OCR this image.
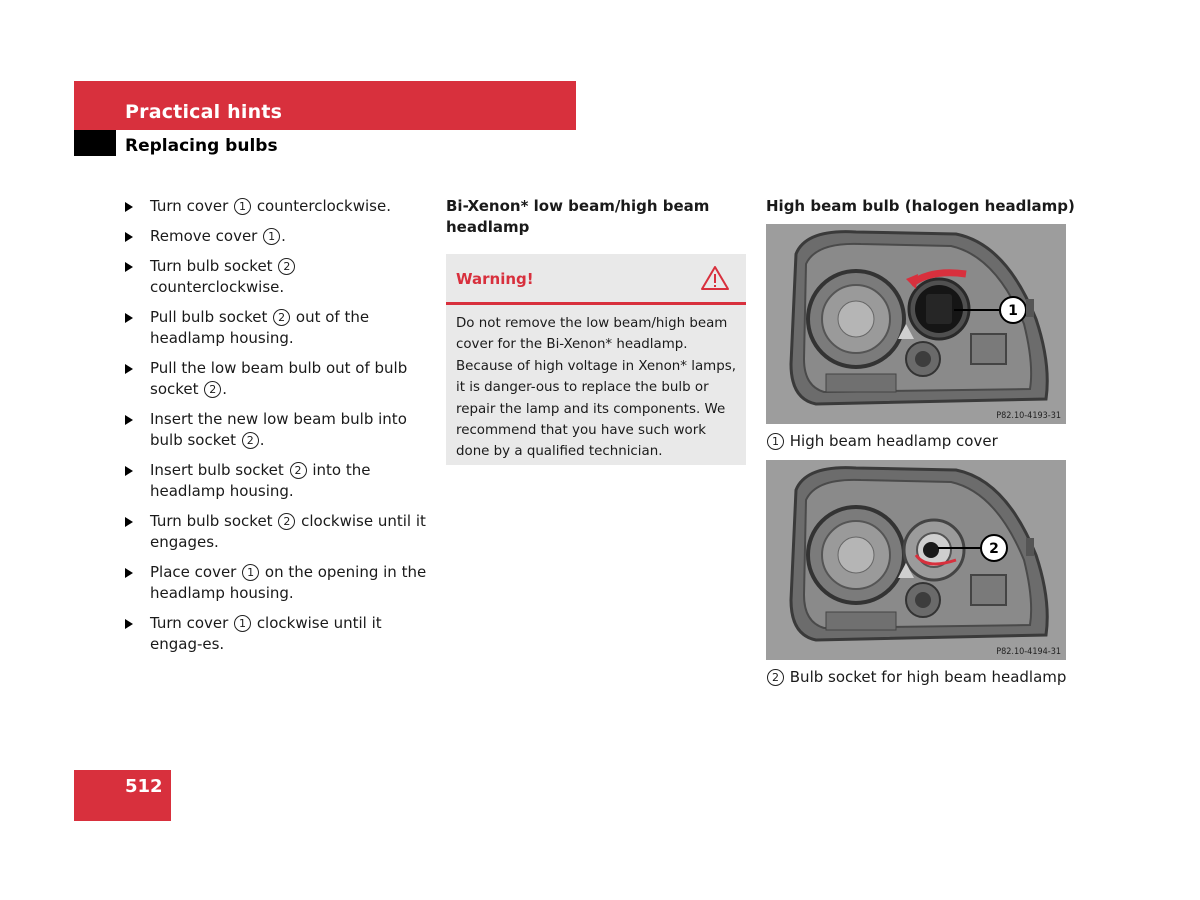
Practical hints
Replacing bulbs
Turn cover 1 counterclockwise.
Remove cover 1 .
Turn bulb socket 2 counterclockwise.
Pull bulb socket 2 out of the headlamp housing.
Pull the low beam bulb out of bulb socket 2 .
Insert the new low beam bulb into bulb socket 2 .
Insert bulb socket 2 into the headlamp housing.
Turn bulb socket 2 clockwise until it engages.
Place cover 1 on the opening in the headlamp housing.
Turn cover 1 clockwise until it engag-es.
Bi-Xenon* low beam/high beam headlamp
Warning!
Do not remove the low beam/high beam cover for the Bi-Xenon* headlamp. Because of high voltage in Xenon* lamps, it is danger-ous to replace the bulb or repair the lamp and its components. We recommend that you have such work done by a qualified technician.
High beam bulb (halogen headlamp)
1
P82.10-4193-31
1 High beam headlamp cover
2
P82.10-4194-31
2 Bulb socket for high beam headlamp
512
